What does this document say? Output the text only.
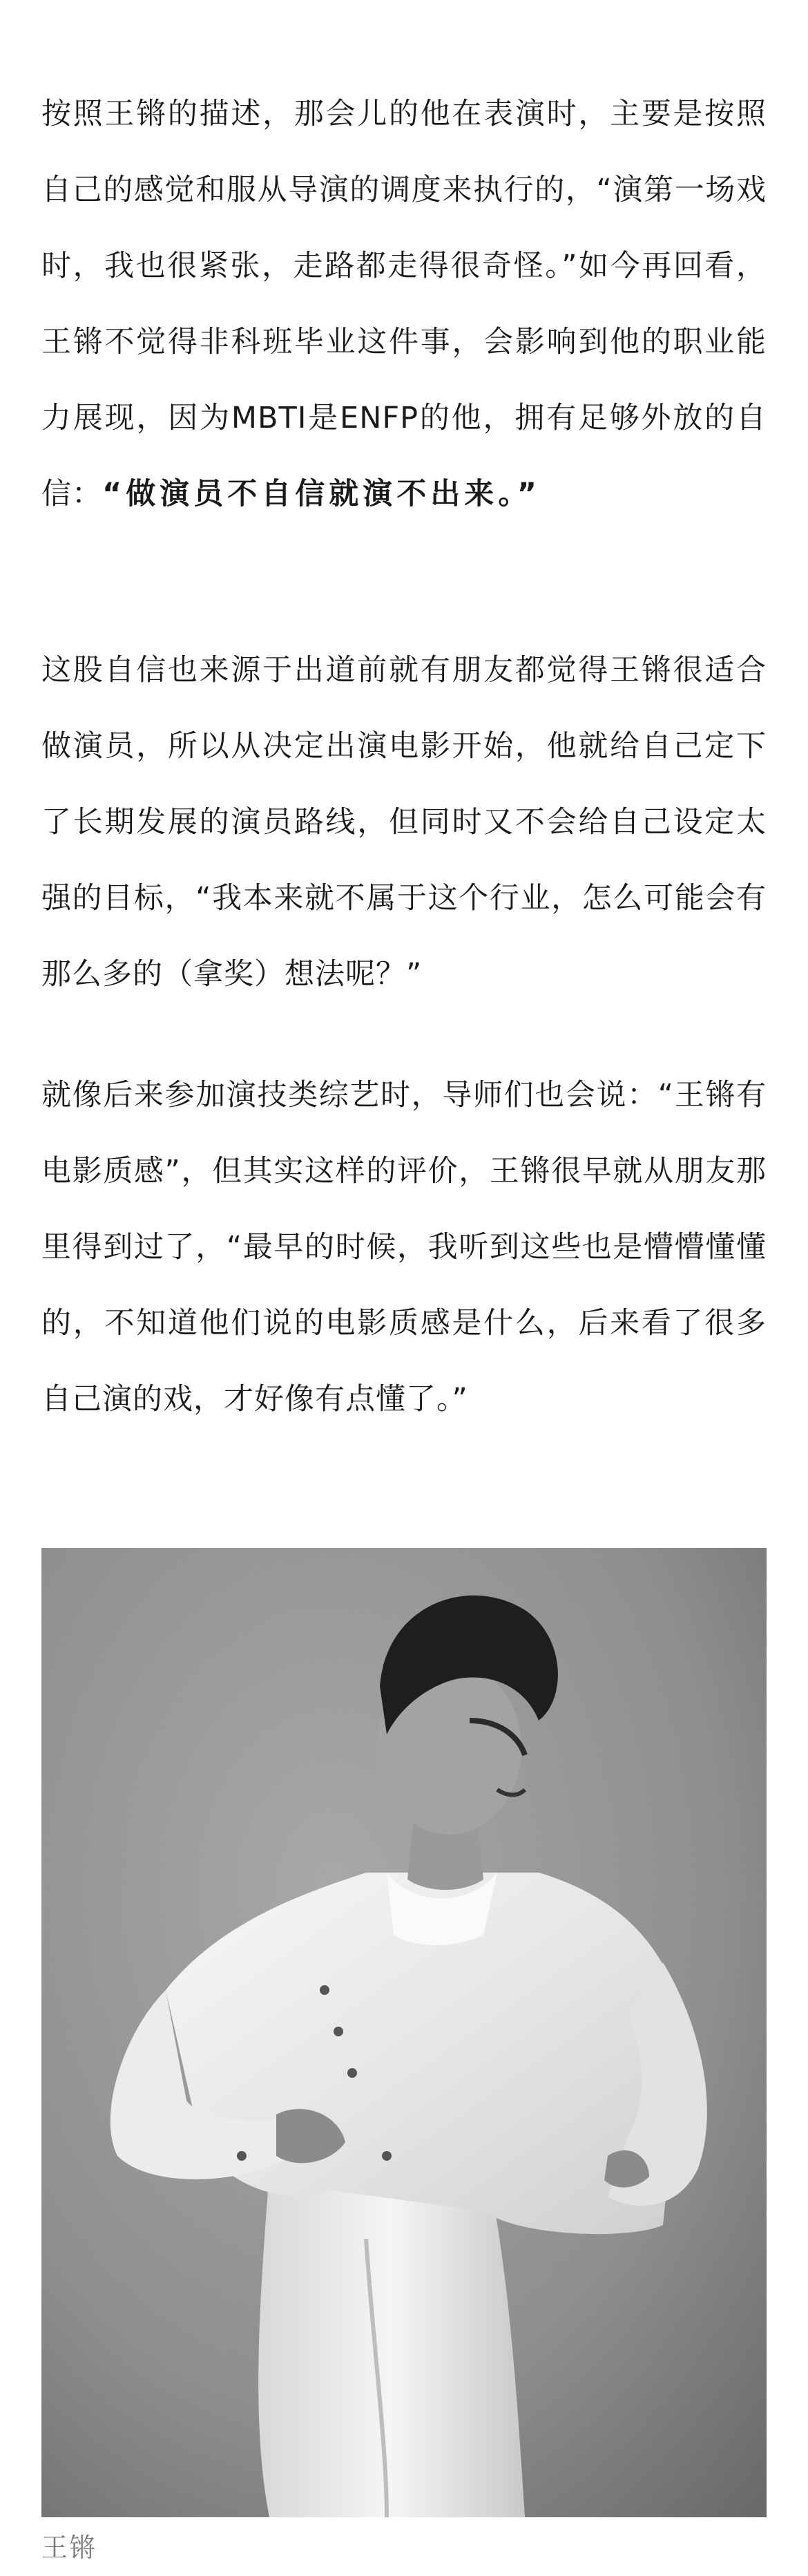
按照王锵的描述，那会儿的他在表演时，主要是按照自己的感觉和服从导演的调度来执行的，“演第一场戏时，我也很紧张，走路都走得很奇怪。”如今再回看，王锵不觉得非科班毕业这件事，会影响到他的职业能力展现，因为MBTI是ENFP的他，拥有足够外放的自信：“做演员不自信就演不出来。”

这股自信也来源于出道前就有朋友都觉得王锵很适合做演员，所以从决定出演电影开始，他就给自己定下了长期发展的演员路线，但同时又不会给自己设定太强的目标，“我本来就不属于这个行业，怎么可能会有那么多的（拿奖）想法呢？”

就像后来参加演技类综艺时，导师们也会说：“王锵有电影质感”，但其实这样的评价，王锵很早就从朋友那里得到过了，“最早的时候，我听到这些也是懵懵懂懂的，不知道他们说的电影质感是什么，后来看了很多自己演的戏，才好像有点懂了。”

王锵
